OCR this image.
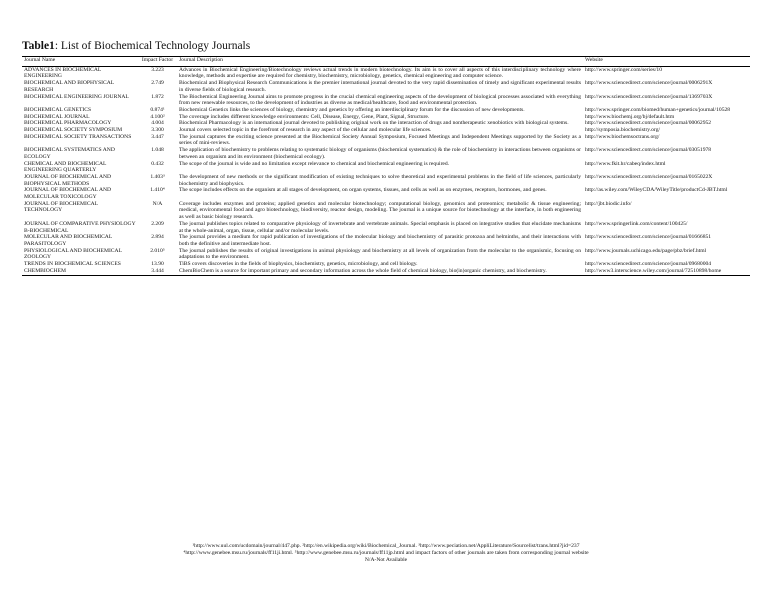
Table1: List of Biochemical Technology Journals
Journal Name	Impact Factor	Journal Description	Website
ADVANCES IN BIOCHEMICAL ENGINEERING	3.223	Advances in Biochemical Engineering/Biotechnology reviews actual trends in modern biotechnology. Its aim is to cover all aspects of this interdisciplinary technology where knowledge, methods and expertise are required for chemistry, biochemistry, microbiology, genetics, chemical engineering and computer science.	http://www.springer.com/series/10
BIOCHEMICAL AND BIOPHYSICAL RESEARCH	2.749	Biochemical and Biophysical Research Communications is the premier international journal devoted to the very rapid dissemination of timely and significant experimental results in diverse fields of biological research.	http://www.sciencedirect.com/science/journal/0006291X
BIOCHEMICAL ENGINEERING JOURNAL	1.872	The Biochemical Engineering Journal aims to promote progress in the crucial chemical engineering aspects of the development of biological processes associated with everything from new renewable resources, to the development of industries as diverse as medical/healthcare, food and environmental protection.	http://www.sciencedirect.com/science/journal/1369703X
BIOCHEMICAL GENETICS	0.874¹	Biochemical Genetics links the sciences of biology, chemistry and genetics by offering an interdisciplinary forum for the discussion of new developments.	http://www.springer.com/biomed/human+genetics/journal/10528
BIOCHEMICAL JOURNAL	4.100²	The coverage includes different knowledge environments: Cell, Disease, Energy, Gene, Plant, Signal, Structure.	http://www.biochemj.org/bj/default.htm
BIOCHEMICAL PHARMACOLOGY	4.004	Biochemical Pharmacology is an international journal devoted to publishing original work on the interaction of drugs and nontherapeutic xenobiotics with biological systems.	http://www.sciencedirect.com/science/journal/00062952
BIOCHEMICAL SOCIETY SYMPOSIUM	3.300	Journal covers selected topic in the forefront of research in any aspect of the cellular and molecular life sciences.	http://symposia.biochemistry.org/
BIOCHEMICAL SOCIETY TRANSACTIONS	3.447	The journal captures the exciting science presented at the Biochemical Society Annual Symposium, Focused Meetings and Independent Meetings supported by the Society as a series of mini-reviews.	http://www.biochemsoctrans.org/
BIOCHEMICAL SYSTEMATICS AND ECOLOGY	1.048	The application of biochemistry to problems relating to systematic biology of organisms (biochemical systematics) & the role of biochemistry in interactions between organisms or between an organism and its environment (biochemical ecology).	http://www.sciencedirect.com/science/journal/03051978
CHEMICAL AND BIOCHEMICAL ENGINEERING QUARTERLY	0.432	The scope of the journal is wide and no limitation except relevance to chemical and biochemical engineering is required.	http://www.fkit.hr/cabeq/index.html
JOURNAL OF BIOCHEMICAL AND BIOPHYSICAL METHODS	1.403³	The development of new methods or the significant modification of existing techniques to solve theoretical and experimental problems in the field of life sciences, particularly biochemistry and biophysics.	http://www.sciencedirect.com/science/journal/0165022X
JOURNAL OF BIOCHEMICAL AND MOLECULAR TOXICOLOGY	1.410⁴	The scope includes effects on the organism at all stages of development, on organ systems, tissues, and cells as well as on enzymes, receptors, hormones, and genes.	http://as.wiley.com/WileyCDA/WileyTitle/productCd-JBT.html
JOURNAL OF BIOCHEMICAL TECHNOLOGY	N/A	Coverage includes enzymes and proteins; applied genetics and molecular biotechnology; computational biology, genomics and proteomics; metabolic & tissue engineering; medical, environmental food and agro biotechnology, biodiversity, reactor design, modeling. The journal is a unique source for biotechnology at the interface, in both engineering as well as basic biology research.	http://jbt.biodic.info/
JOURNAL OF COMPARATIVE PHYSIOLOGY B-BIOCHEMICAL	2.209	The journal publishes topics related to comparative physiology of invertebrate and vertebrate animals. Special emphasis is placed on integrative studies that elucidate mechanisms at the whole-animal, organ, tissue, cellular and/or molecular levels.	http://www.springerlink.com/content/100425/
MOLECULAR AND BIOCHEMICAL PARASITOLOGY	2.894	The journal provides a medium for rapid publication of investigations of the molecular biology and biochemistry of parasitic protozoa and helminths, and their interactions with both the definitive and intermediate host.	http://www.sciencedirect.com/science/journal/01666851
PHYSIOLOGICAL AND BIOCHEMICAL ZOOLOGY	2.010⁵	The journal publishes the results of original investigations in animal physiology and biochemistry at all levels of organization from the molecular to the organismic, focusing on adaptations to the environment.	http://www.journals.uchicago.edu/page/pbz/brief.html
TRENDS IN BIOCHEMICAL SCIENCES	13.90	TiBS covers discoveries in the fields of biophysics, biochemistry, genetics, microbiology, and cell biology.	http://www.sciencedirect.com/science/journal/09680004
CHEMBIOCHEM	3.444	ChemBioChem is a source for important primary and secondary information across the whole field of chemical biology, bio(in)organic chemistry, and biochemistry.	http://www3.interscience.wiley.com/journal/72510898/home
¹http://www.uul.com/ucdomain/journal/447.php. ²http://en.wikipedia.org/wiki/Biochemical_Journal. ³http://www.peciation.net/AppliLiterature/Sourcelist/trans.html?jid=237
⁴http://www.genebee.msu.ru/journals/ff11ji.html. ⁵http://www.genebee.msu.ru/journals/ff11jp.html and impact factors of other journals are taken from corresponding journal website
N/A-Not Available
